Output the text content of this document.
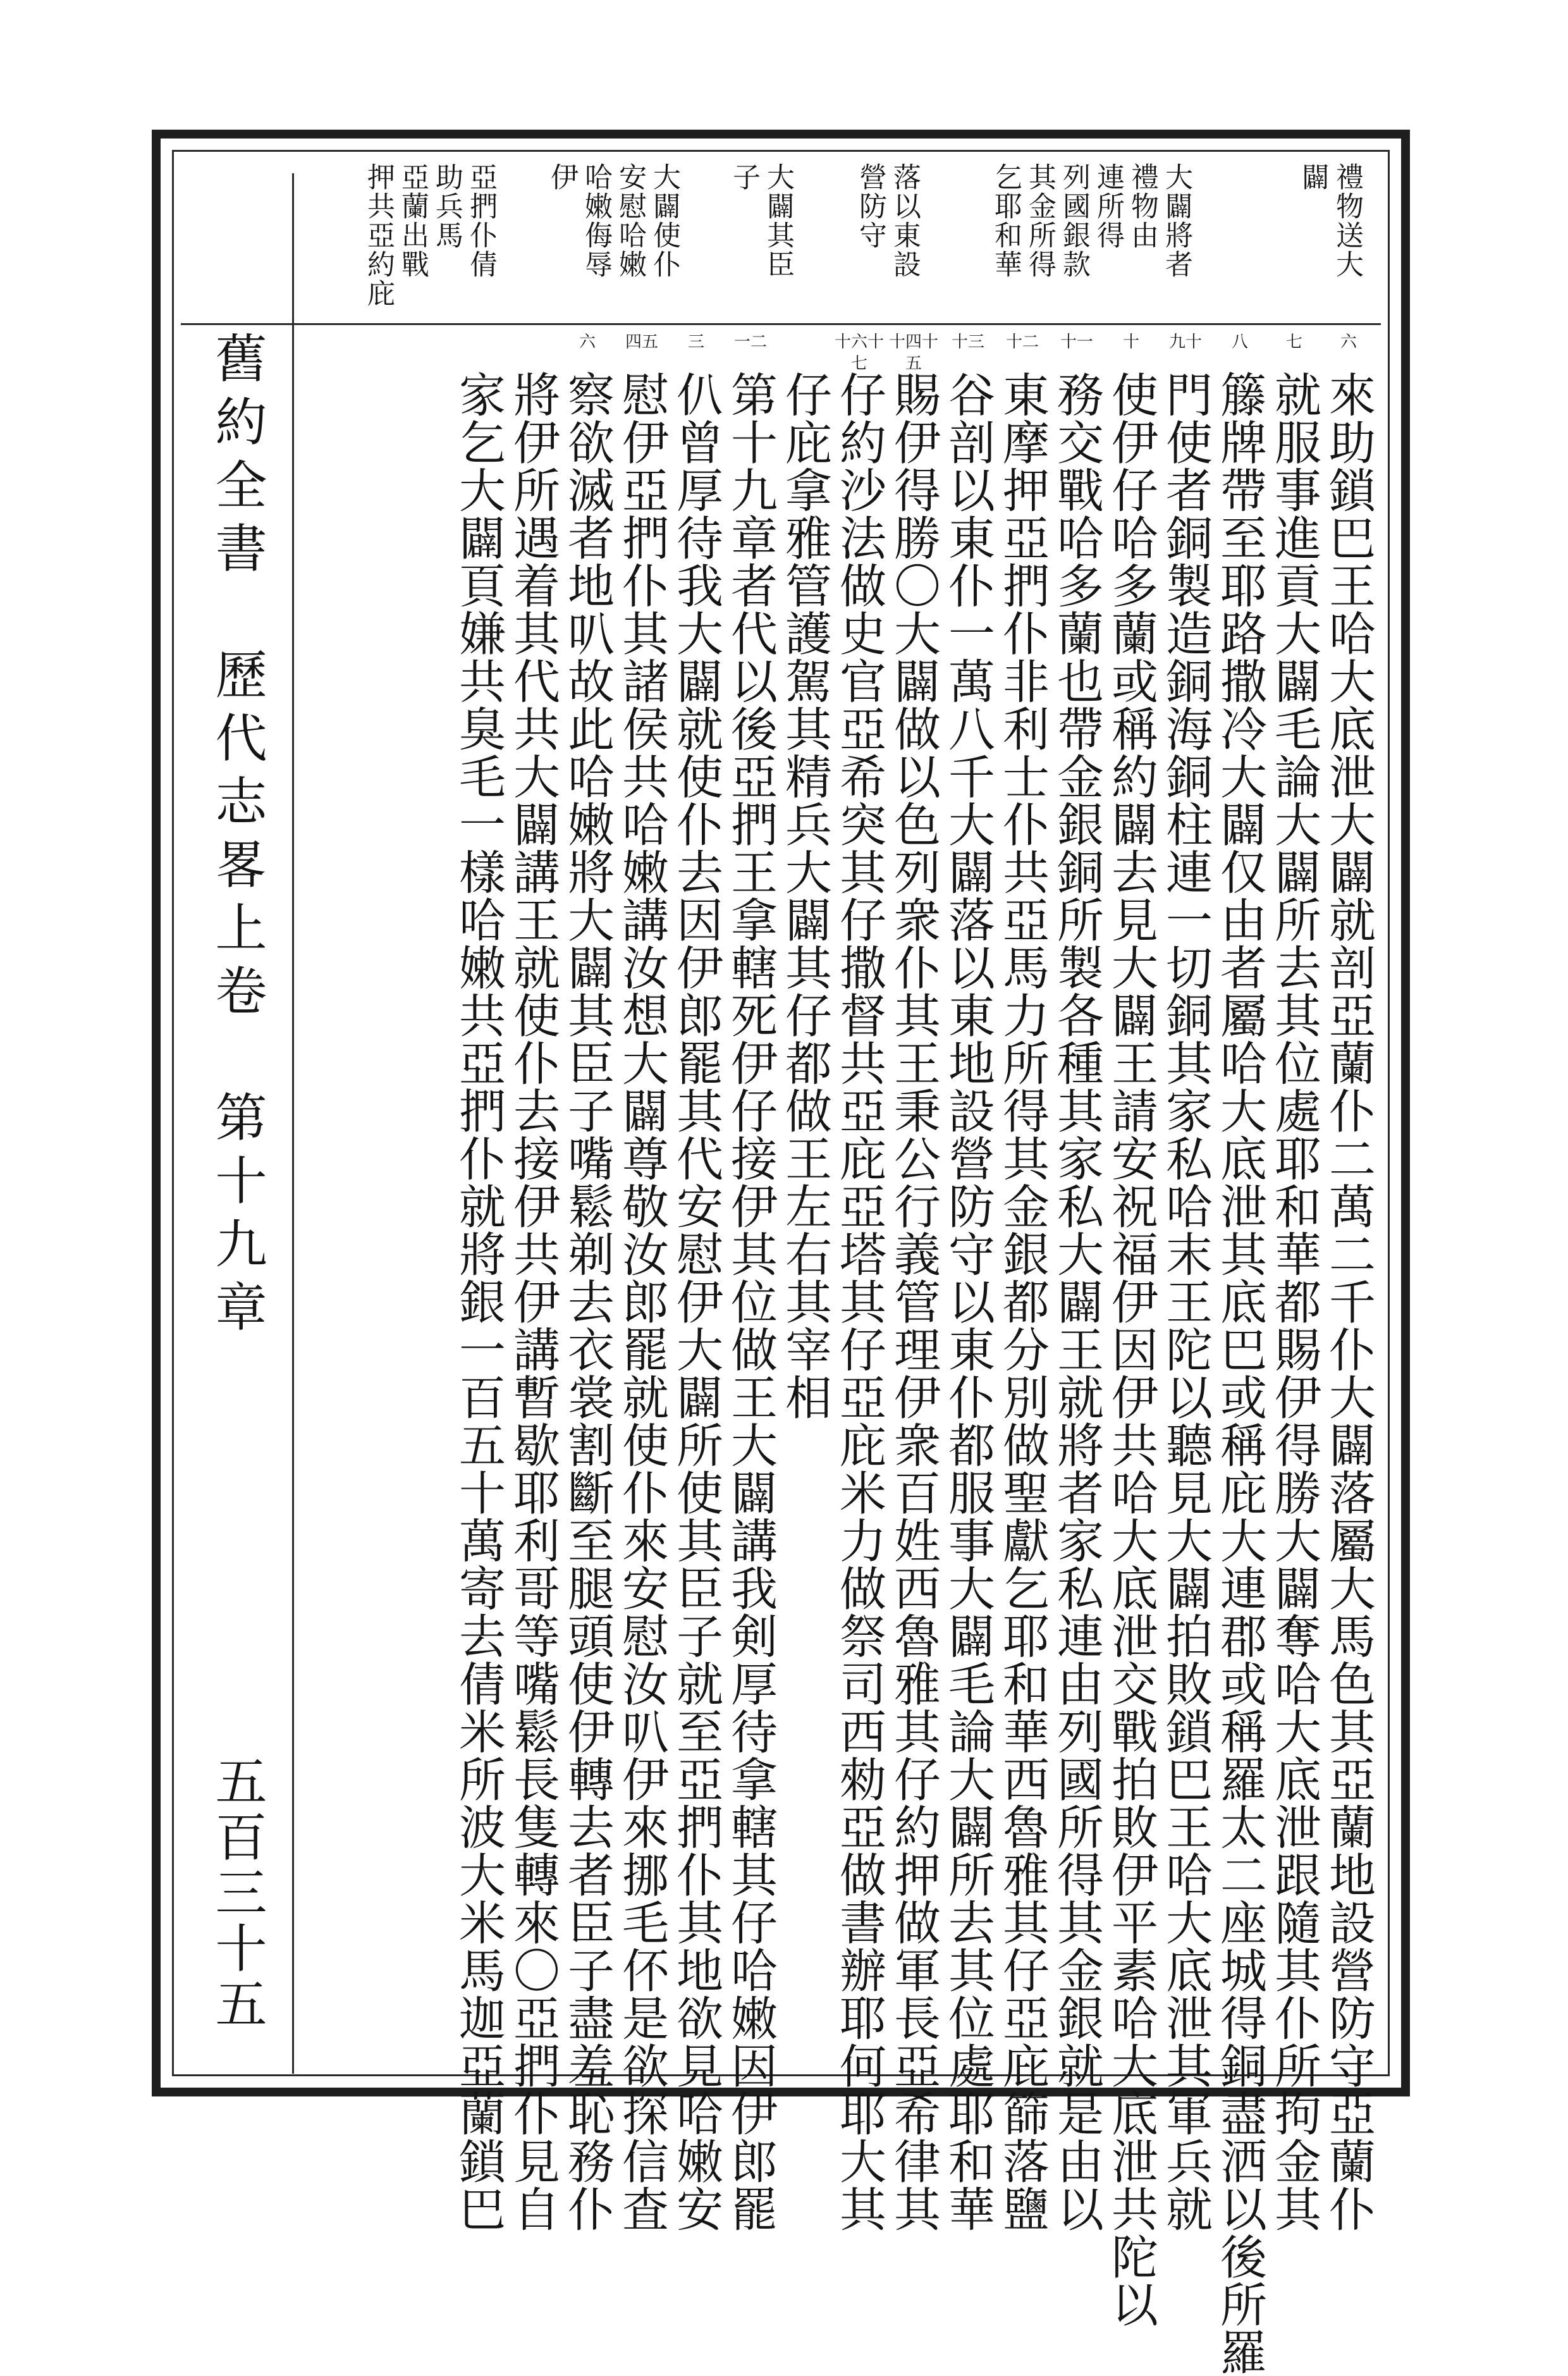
禮物送大
闢
大闢將者
禮物由
連所得
列國銀款
其金所得
乞耶和華
落以東設
營防守
大闢其臣
子
大闢使仆
安慰哈嫩
哈嫩侮辱
伊
亞捫仆倩
助兵馬
亞蘭出戰
押共亞約庇
六
來助鎖巴王哈大底泄大闢就剖亞蘭仆二萬二千仆大闢落屬大馬色其亞蘭地設營防守亞蘭仆
七
就服事進貢大闢毛論大闢所去其位處耶和華都賜伊得勝大闢奪哈大底泄跟隨其仆所拘金其
八
籐牌帶至耶路撒冷大闢仅由者屬哈大底泄其底巴或稱庇大連郡或稱羅太二座城得銅盡洒以後所羅
九十
門使者銅製造銅海銅柱連一切銅其家私哈末王陀以聽見大闢拍敗鎖巴王哈大底泄其軍兵就
十
使伊仔哈多蘭或稱約闢去見大闢王請安祝福伊因伊共哈大底泄交戰拍敗伊平素哈大底泄共陀以
十一
務交戰哈多蘭也帶金銀銅所製各種其家私大闢王就將者家私連由列國所得其金銀就是由以
十二
東摩押亞捫仆非利士仆共亞馬力所得其金銀都分別做聖獻乞耶和華西魯雅其仔亞庇篩落鹽
十三
谷剖以東仆一萬八千大闢落以東地設營防守以東仆都服事大闢毛論大闢所去其位處耶和華
十四十五
賜伊得勝〇大闢做以色列衆仆其王秉公行義管理伊衆百姓西魯雅其仔約押做軍長亞希律其
十六十七
仔約沙法做史官亞希突其仔撒督共亞庇亞塔其仔亞庇米力做祭司西勑亞做書辦耶何耶大其
仔庇拿雅管護駕其精兵大闢其仔都做王左右其宰相
一二
第十九章者代以後亞捫王拿轄死伊仔接伊其位做王大闢講我剣厚待拿轄其仔哈嫩因伊郎罷
三
仈曾厚待我大闢就使仆去因伊郎罷其代安慰伊大闢所使其臣子就至亞捫仆其地欲見哈嫩安
四五
慰伊亞捫仆其諸侯共哈嫩講汝想大闢尊敬汝郎罷就使仆來安慰汝叭伊來挪毛伓是欲探信査
六
察欲滅者地叭故此哈嫩將大闢其臣子嘴鬆剃去衣裳割斷至腿頭使伊轉去者臣子盡羞恥務仆
將伊所遇着其代共大闢講王就使仆去接伊共伊講暫歇耶利哥等嘴鬆長隻轉來〇亞捫仆見自
家乞大闢頁嫌共臭毛一樣哈嫩共亞捫仆就將銀一百五十萬寄去倩米所波大米馬迦亞蘭鎖巴
舊約全書　歷代志畧上卷　第十九章
五百三十五
